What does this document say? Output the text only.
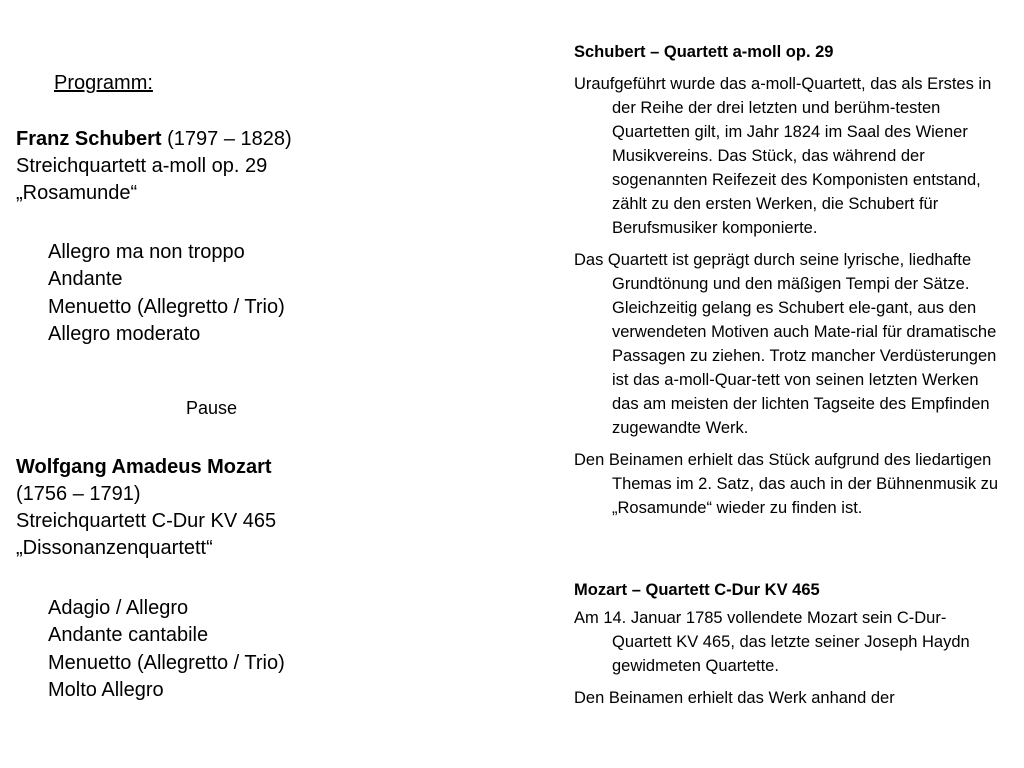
Programm:
Franz Schubert (1797 – 1828)
Streichquartett a-moll op. 29
„Rosamunde“
Allegro ma non troppo
Andante
Menuetto (Allegretto / Trio)
Allegro moderato
Pause
Wolfgang Amadeus Mozart
(1756 – 1791)
Streichquartett C-Dur KV 465
„Dissonanzenquartett“
Adagio / Allegro
Andante cantabile
Menuetto (Allegretto / Trio)
Molto Allegro
Schubert – Quartett a-moll op. 29
Uraufgeführt wurde das a-moll-Quartett, das als Erstes in der Reihe der drei letzten und berühm-testen Quartetten gilt, im Jahr 1824 im Saal des Wiener Musikvereins. Das Stück, das während der sogenannten Reifezeit des Komponisten entstand, zählt zu den ersten Werken, die Schubert für Berufsmusiker komponierte.
Das Quartett ist geprägt durch seine lyrische, liedhafte Grundtönung und den mäßigen Tempi der Sätze. Gleichzeitig gelang es Schubert ele-gant, aus den verwendeten Motiven auch Mate-rial für dramatische Passagen zu ziehen. Trotz mancher Verdüsterungen ist das a-moll-Quar-tett von seinen letzten Werken das am meisten der lichten Tagseite des Empfinden zugewandte Werk.
Den Beinamen erhielt das Stück aufgrund des liedartigen Themas im 2. Satz, das auch in der Bühnenmusik zu „Rosamunde“ wieder zu finden ist.
Mozart – Quartett C-Dur KV 465
Am 14. Januar 1785 vollendete Mozart sein C-Dur-Quartett KV 465, das letzte seiner Joseph Haydn gewidmeten Quartette.
Den Beinamen erhielt das Werk anhand der
